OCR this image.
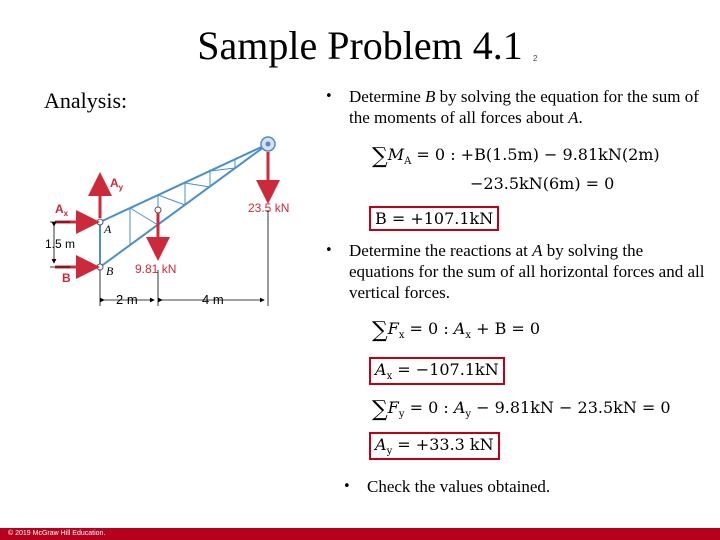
Sample Problem 4.1	2
Analysis:
$A_y$
$A_x$
B
A
B 9.81 kN
23.5 kN
1.5 m
2 m	4 m
• Determine B by solving the equation for the sum of the moments of all forces about A.
$\sum M_A = 0$ : +B(1.5m) − 9.81kN(2m)
−23.5kN(6m) = 0
B = +107.1kN
• Determine the reactions at A by solving the equations for the sum of all horizontal forces and all vertical forces.
$\sum F_x = 0$ : $A_x + B = 0$
$A_x = -107.1kN$
$\sum F_y = 0$ : $A_y - 9.81kN - 23.5kN = 0$
$A_y = +33.3$ kN
• Check the values obtained.
© 2019 McGraw Hill Education.
